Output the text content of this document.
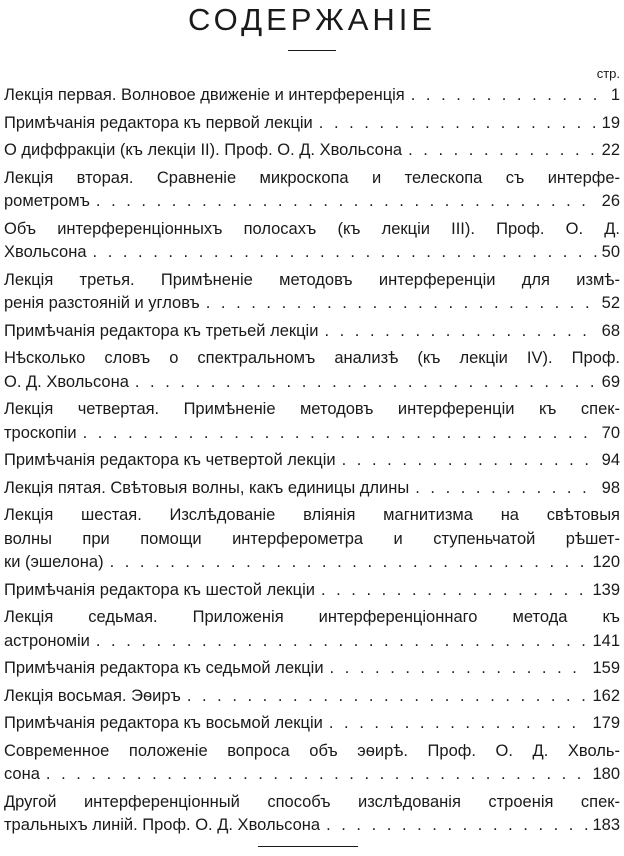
СОДЕРЖАНIЕ
стр.
Лекція первая. Волновое движеніе и интерференція . . .	1
Примѣчанія редактора къ первой лекціи . . .	19
О диффракціи (къ лекціи II). Проф. О. Д. Хвольсона . . .	22
Лекція вторая. Сравненіе микроскопа и телескопа съ интерфе-
рометромъ . . .	26
Объ интерференціонныхъ полосахъ (къ лекціи III). Проф. О. Д.
Хвольсона . . .	50
Лекція третья. Примѣненіе методовъ интерференціи для измѣ-
ренія разстояній и угловъ . . .	52
Примѣчанія редактора къ третьей лекціи . . .	68
Нѣсколько словъ о спектральномъ анализѣ (къ лекціи IV). Проф.
О. Д. Хвольсона . . .	69
Лекція четвертая. Примѣненіе методовъ интерференціи къ спек-
троскопіи . . .	70
Примѣчанія редактора къ четвертой лекціи . . .	94
Лекція пятая. Свѣтовыя волны, какъ единицы длины . . .	98
Лекція шестая. Изслѣдованіе вліянія магнитизма на свѣтовыя
волны при помощи интерферометра и ступеньчатой рѣшет-
ки (эшелона) . . .	120
Примѣчанія редактора къ шестой лекціи . . .	139
Лекція седьмая. Приложенія интерференціоннаго метода къ
астрономіи . . .	141
Примѣчанія редактора къ седьмой лекціи . . .	159
Лекція восьмая. Эѳиръ . . .	162
Примѣчанія редактора къ восьмой лекціи . . .	179
Современное положеніе вопроса объ эѳирѣ. Проф. О. Д. Хволь-
сона . . .	180
Другой интерференціонный способъ изслѣдованія строенія спек-
тральныхъ линій. Проф. О. Д. Хвольсона . . .	183
